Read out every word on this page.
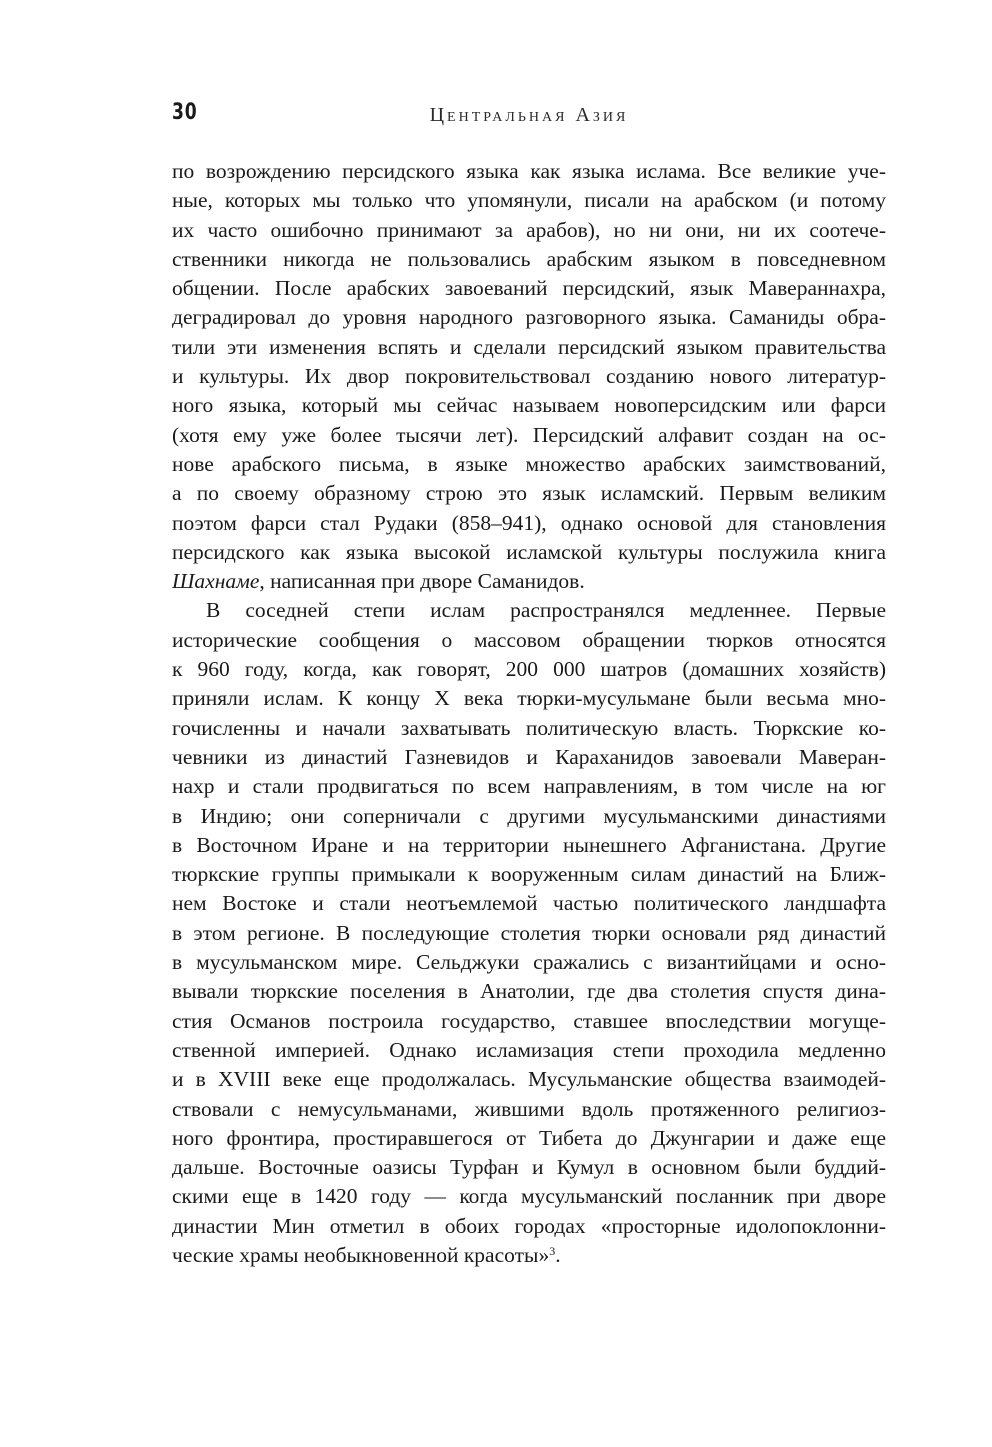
30	Центральная Азия
по возрождению персидского языка как языка ислама. Все великие уче-
ные, которых мы только что упомянули, писали на арабском (и потому
их часто ошибочно принимают за арабов), но ни они, ни их соотече-
ственники никогда не пользовались арабским языком в повседневном
общении. После арабских завоеваний персидский, язык Мавераннахра,
деградировал до уровня народного разговорного языка. Саманиды обра-
тили эти изменения вспять и сделали персидский языком правительства
и культуры. Их двор покровительствовал созданию нового литератур-
ного языка, который мы сейчас называем новоперсидским или фарси
(хотя ему уже более тысячи лет). Персидский алфавит создан на ос-
нове арабского письма, в языке множество арабских заимствований,
а по своему образному строю это язык исламский. Первым великим
поэтом фарси стал Рудаки (858–941), однако основой для становления
персидского как языка высокой исламской культуры послужила книга
Шахнаме, написанная при дворе Саманидов.
В соседней степи ислам распространялся медленнее. Первые
исторические сообщения о массовом обращении тюрков относятся
к 960 году, когда, как говорят, 200 000 шатров (домашних хозяйств)
приняли ислам. К концу X века тюрки-мусульмане были весьма мно-
гочисленны и начали захватывать политическую власть. Тюркские ко-
чевники из династий Газневидов и Караханидов завоевали Мaверан-
нахр и стали продвигаться по всем направлениям, в том числе на юг
в Индию; они соперничали с другими мусульманскими династиями
в Восточном Иране и на территории нынешнего Афганистана. Другие
тюркские группы примыкали к вооруженным силам династий на Ближ-
нем Востоке и стали неотъемлемой частью политического ландшафта
в этом регионе. В последующие столетия тюрки основали ряд династий
в мусульманском мире. Сельджуки сражались с византийцами и осно-
вывали тюркские поселения в Анатолии, где два столетия спустя дина-
стия Османов построила государство, ставшее впоследствии могуще-
ственной империей. Однако исламизация степи проходила медленно
и в XVIII веке еще продолжалась. Мусульманские общества взаимодей-
ствовали с немусульманами, жившими вдоль протяженного религиоз-
ного фронтира, простиравшегося от Тибета до Джунгарии и даже еще
дальше. Восточные оазисы Турфан и Кумул в основном были буддий-
скими еще в 1420 году — когда мусульманский посланник при дворе
династии Мин отметил в обоих городах «просторные идолопоклонни-
ческие храмы необыкновенной красоты»$^3$.
